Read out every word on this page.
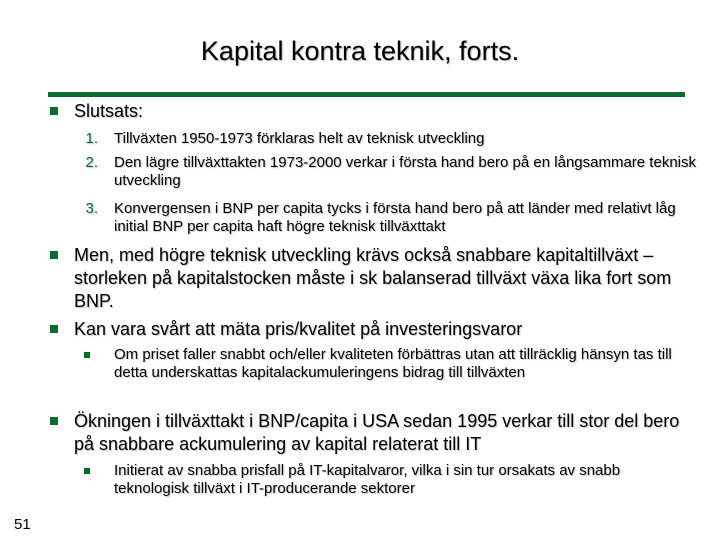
Kapital kontra teknik, forts.
Slutsats:
1. Tillväxten 1950-1973 förklaras helt av teknisk utveckling
2. Den lägre tillväxttakten 1973-2000 verkar i första hand bero på en långsammare teknisk utveckling
3. Konvergensen i BNP per capita tycks i första hand bero på att länder med relativt låg initial BNP per capita haft högre teknisk tillväxttakt
Men, med högre teknisk utveckling krävs också snabbare kapitaltillväxt – storleken på kapitalstocken måste i sk balanserad tillväxt växa lika fort som BNP.
Kan vara svårt att mäta pris/kvalitet på investeringsvaror
Om priset faller snabbt och/eller kvaliteten förbättras utan att tillräcklig hänsyn tas till detta underskattas kapitalackumuleringens bidrag till tillväxten
Ökningen i tillväxttakt i BNP/capita i USA sedan 1995 verkar till stor del bero på snabbare ackumulering av kapital relaterat till IT
Initierat av snabba prisfall på IT-kapitalvaror, vilka i sin tur orsakats av snabb teknologisk tillväxt i IT-producerande sektorer
51
